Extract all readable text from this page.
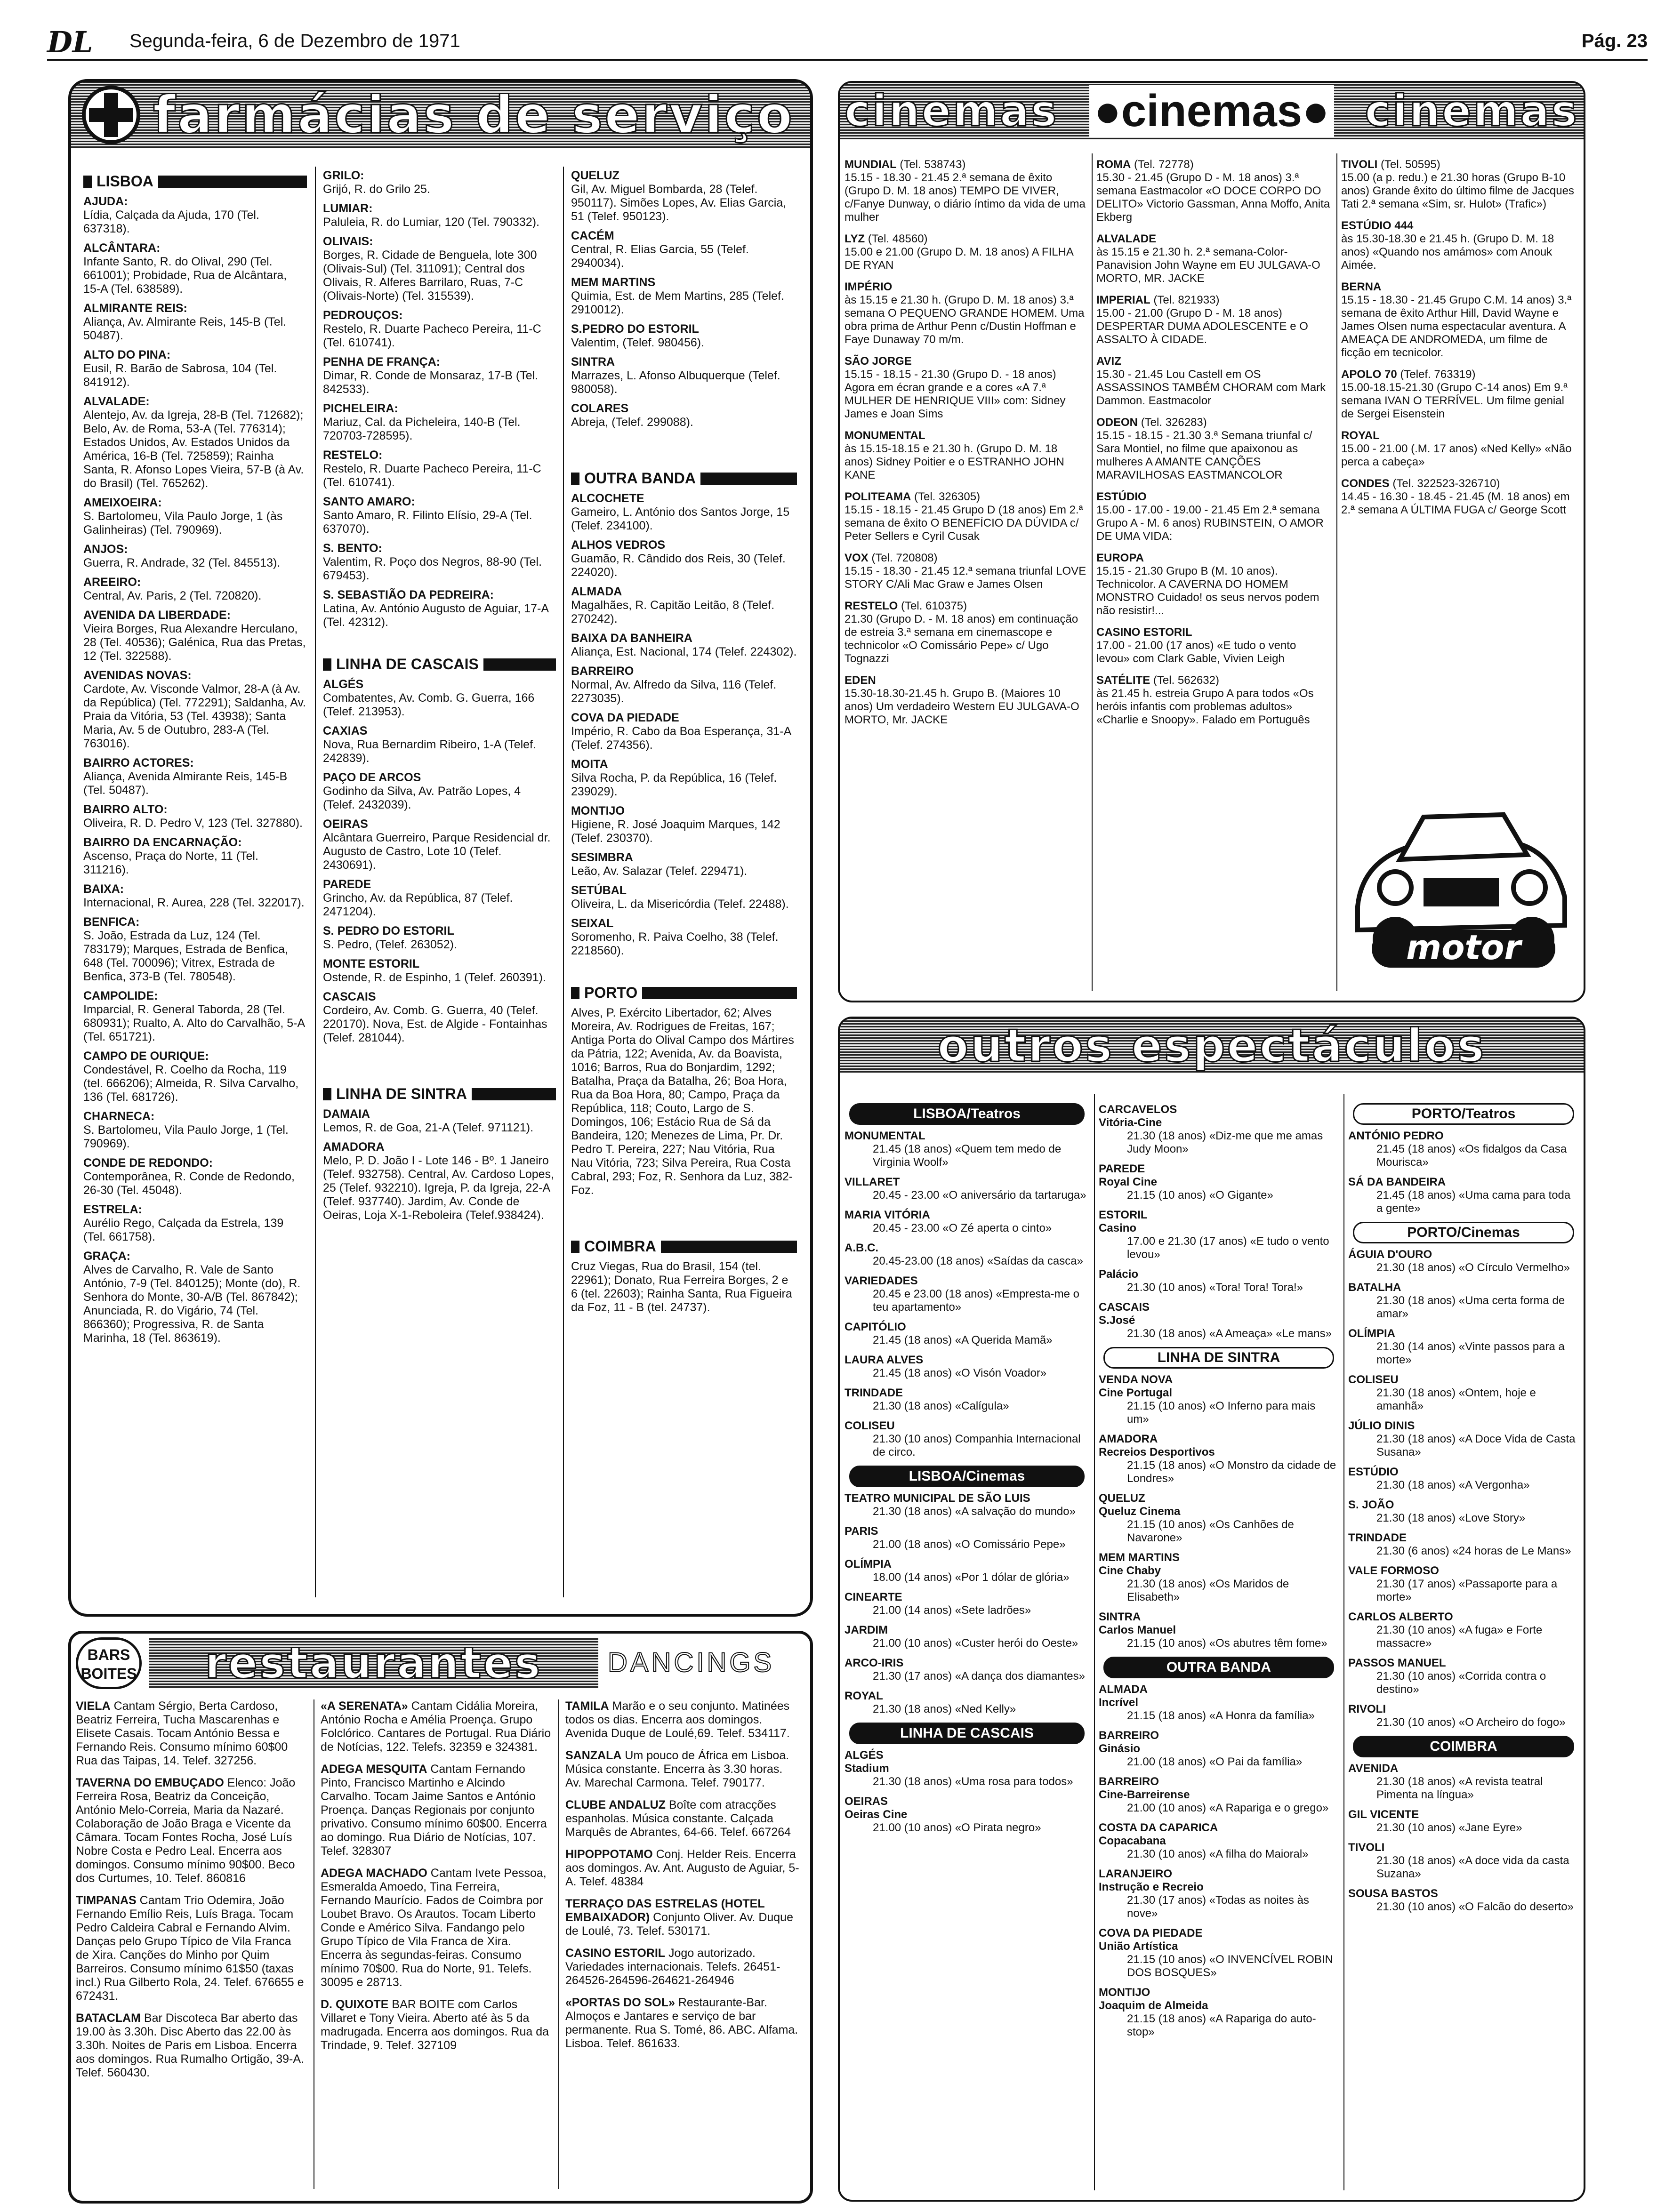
DL Segunda-feira, 6 de Dezembro de 1971	Pág. 23
farmácias de serviço
LISBOA
AJUDA:
Lídia, Calçada da Ajuda, 170 (Tel. 637318).
ALCÂNTARA:
Infante Santo, R. do Olival, 290 (Tel. 661001); Probidade, Rua de Alcântara, 15-A (Tel. 638589).
ALMIRANTE REIS:
Aliança, Av. Almirante Reis, 145-B (Tel. 50487).
ALTO DO PINA:
Eusil, R. Barão de Sabrosa, 104 (Tel. 841912).
ALVALADE:
Alentejo, Av. da Igreja, 28-B (Tel. 712682); Belo, Av. de Roma, 53-A (Tel. 776314); Estados Unidos, Av. Estados Unidos da América, 16-B (Tel. 725859); Rainha Santa, R. Afonso Lopes Vieira, 57-B (à Av. do Brasil) (Tel. 765262).
AMEIXOEIRA:
S. Bartolomeu, Vila Paulo Jorge, 1 (às Galinheiras) (Tel. 790969).
ANJOS:
Guerra, R. Andrade, 32 (Tel. 845513).
AREEIRO:
Central, Av. Paris, 2 (Tel. 720820).
AVENIDA DA LIBERDADE:
Vieira Borges, Rua Alexandre Herculano, 28 (Tel. 40536); Galénica, Rua das Pretas, 12 (Tel. 322588).
AVENIDAS NOVAS:
Cardote, Av. Visconde Valmor, 28-A (à Av. da República) (Tel. 772291); Saldanha, Av. Praia da Vitória, 53 (Tel. 43938); Santa Maria, Av. 5 de Outubro, 283-A (Tel. 763016).
BAIRRO ACTORES:
Aliança, Avenida Almirante Reis, 145-B (Tel. 50487).
BAIRRO ALTO:
Oliveira, R. D. Pedro V, 123 (Tel. 327880).
BAIRRO DA ENCARNAÇÃO:
Ascenso, Praça do Norte, 11 (Tel. 311216).
BAIXA:
Internacional, R. Aurea, 228 (Tel. 322017).
BENFICA:
S. João, Estrada da Luz, 124 (Tel. 783179); Marques, Estrada de Benfica, 648 (Tel. 700096); Vitrex, Estrada de Benfica, 373-B (Tel. 780548).
CAMPOLIDE:
Imparcial, R. General Taborda, 28 (Tel. 680931); Rualto, A. Alto do Carvalhão, 5-A (Tel. 651721).
CAMPO DE OURIQUE:
Condestável, R. Coelho da Rocha, 119 (tel. 666206); Almeida, R. Silva Carvalho, 136 (Tel. 681726).
CHARNECA:
S. Bartolomeu, Vila Paulo Jorge, 1 (Tel. 790969).
CONDE DE REDONDO:
Contemporânea, R. Conde de Redondo, 26-30 (Tel. 45048).
ESTRELA:
Aurélio Rego, Calçada da Estrela, 139 (Tel. 661758).
GRAÇA:
Alves de Carvalho, R. Vale de Santo António, 7-9 (Tel. 840125); Monte (do), R. Senhora do Monte, 30-A/B (Tel. 867842); Anunciada, R. do Vigário, 74 (Tel. 866360); Progressiva, R. de Santa Marinha, 18 (Tel. 863619).
GRILO:
Grijó, R. do Grilo 25.
LUMIAR:
Paluleia, R. do Lumiar, 120 (Tel. 790332).
OLIVAIS:
Borges, R. Cidade de Benguela, lote 300 (Olivais-Sul) (Tel. 311091); Central dos Olivais, R. Alferes Barrilaro, Ruas, 7-C (Olivais-Norte) (Tel. 315539).
PEDROUÇOS:
Restelo, R. Duarte Pacheco Pereira, 11-C (Tel. 610741).
PENHA DE FRANÇA:
Dimar, R. Conde de Monsaraz, 17-B (Tel. 842533).
PICHELEIRA:
Mariuz, Cal. da Picheleira, 140-B (Tel. 720703-728595).
RESTELO:
Restelo, R. Duarte Pacheco Pereira, 11-C (Tel. 610741).
SANTO AMARO:
Santo Amaro, R. Filinto Elísio, 29-A (Tel. 637070).
S. BENTO:
Valentim, R. Poço dos Negros, 88-90 (Tel. 679453).
S. SEBASTIÃO DA PEDREIRA:
Latina, Av. António Augusto de Aguiar, 17-A (Tel. 42312).
LINHA DE CASCAIS
ALGÉS
Combatentes, Av. Comb. G. Guerra, 166 (Telef. 213953).
CAXIAS
Nova, Rua Bernardim Ribeiro, 1-A (Telef. 242839).
PAÇO DE ARCOS
Godinho da Silva, Av. Patrão Lopes, 4 (Telef. 2432039).
OEIRAS
Alcântara Guerreiro, Parque Residencial dr. Augusto de Castro, Lote 10 (Telef. 2430691).
PAREDE
Grincho, Av. da República, 87 (Telef. 2471204).
S. PEDRO DO ESTORIL
S. Pedro, (Telef. 263052).
MONTE ESTORIL
Ostende, R. de Espinho, 1 (Telef. 260391).
CASCAIS
Cordeiro, Av. Comb. G. Guerra, 40 (Telef. 220170). Nova, Est. de Algide - Fontainhas (Telef. 281044).
LINHA DE SINTRA
DAMAIA
Lemos, R. de Goa, 21-A (Telef. 971121).
AMADORA
Melo, P. D. João I - Lote 146 - Bº. 1 Janeiro (Telef. 932758). Central, Av. Cardoso Lopes, 25 (Telef. 932210). Igreja, P. da Igreja, 22-A (Telef. 937740). Jardim, Av. Conde de Oeiras, Loja X-1-Reboleira (Telef.938424).
QUELUZ
Gil, Av. Miguel Bombarda, 28 (Telef. 950117). Simões Lopes, Av. Elias Garcia, 51 (Telef. 950123).
CACÉM
Central, R. Elias Garcia, 55 (Telef. 2940034).
MEM MARTINS
Quimia, Est. de Mem Martins, 285 (Telef. 2910012).
S.PEDRO DO ESTORIL
Valentim, (Telef. 980456).
SINTRA
Marrazes, L. Afonso Albuquerque (Telef. 980058).
COLARES
Abreja, (Telef. 299088).
OUTRA BANDA
ALCOCHETE
Gameiro, L. António dos Santos Jorge, 15 (Telef. 234100).
ALHOS VEDROS
Guamão, R. Cândido dos Reis, 30 (Telef. 224020).
ALMADA
Magalhães, R. Capitão Leitão, 8 (Telef. 270242).
BAIXA DA BANHEIRA
Aliança, Est. Nacional, 174 (Telef. 224302).
BARREIRO
Normal, Av. Alfredo da Silva, 116 (Telef. 2273035).
COVA DA PIEDADE
Império, R. Cabo da Boa Esperança, 31-A (Telef. 274356).
MOITA
Silva Rocha, P. da República, 16 (Telef. 239029).
MONTIJO
Higiene, R. José Joaquim Marques, 142 (Telef. 230370).
SESIMBRA
Leão, Av. Salazar (Telef. 229471).
SETÚBAL
Oliveira, L. da Misericórdia (Telef. 22488).
SEIXAL
Soromenho, R. Paiva Coelho, 38 (Telef. 2218560).
PORTO
Alves, P. Exército Libertador, 62; Alves Moreira, Av. Rodrigues de Freitas, 167; Antiga Porta do Olival Campo dos Mártires da Pátria, 122; Avenida, Av. da Boavista, 1016; Barros, Rua do Bonjardim, 1292; Batalha, Praça da Batalha, 26; Boa Hora, Rua da Boa Hora, 80; Campo, Praça da República, 118; Couto, Largo de S. Domingos, 106; Estácio Rua de Sá da Bandeira, 120; Menezes de Lima, Pr. Dr. Pedro T. Pereira, 227; Nau Vitória, Rua Nau Vitória, 723; Silva Pereira, Rua Costa Cabral, 293; Foz, R. Senhora da Luz, 382-Foz.
COIMBRA
Cruz Viegas, Rua do Brasil, 154 (tel. 22961); Donato, Rua Ferreira Borges, 2 e 6 (tel. 22603); Rainha Santa, Rua Figueira da Foz, 11 - B (tel. 24737).
cinemas ●cinemas● cinemas
MUNDIAL (Tel. 538743)
15.15 - 18.30 - 21.45 2.ª semana de êxito (Grupo D. M. 18 anos) TEMPO DE VIVER, c/Fanye Dunway, o diário íntimo da vida de uma mulher
LYZ (Tel. 48560)
15.00 e 21.00 (Grupo D. M. 18 anos) A FILHA DE RYAN
IMPÉRIO
às 15.15 e 21.30 h. (Grupo D. M. 18 anos) 3.ª semana O PEQUENO GRANDE HOMEM. Uma obra prima de Arthur Penn c/Dustin Hoffman e Faye Dunaway 70 m/m.
SÃO JORGE
15.15 - 18.15 - 21.30 (Grupo D. - 18 anos) Agora em écran grande e a cores «A 7.ª MULHER DE HENRIQUE VIII» com: Sidney James e Joan Sims
MONUMENTAL
às 15.15-18.15 e 21.30 h. (Grupo D. M. 18 anos) Sidney Poitier e o ESTRANHO JOHN KANE
POLITEAMA (Tel. 326305)
15.15 - 18.15 - 21.45 Grupo D (18 anos) Em 2.ª semana de êxito O BENEFÍCIO DA DÚVIDA c/ Peter Sellers e Cyril Cusak
VOX (Tel. 720808)
15.15 - 18.30 - 21.45 12.ª semana triunfal LOVE STORY C/Ali Mac Graw e James Olsen
RESTELO (Tel. 610375)
21.30 (Grupo D. - M. 18 anos) em continuação de estreia 3.ª semana em cinemascope e technicolor «O Comissário Pepe» c/ Ugo Tognazzi
EDEN
15.30-18.30-21.45 h. Grupo B. (Maiores 10 anos) Um verdadeiro Western EU JULGAVA-O MORTO, Mr. JACKE
ROMA (Tel. 72778)
15.30 - 21.45 (Grupo D - M. 18 anos) 3.ª semana Eastmacolor «O DOCE CORPO DO DELITO» Victorio Gassman, Anna Moffo, Anita Ekberg
ALVALADE
às 15.15 e 21.30 h. 2.ª semana-Color-Panavision John Wayne em EU JULGAVA-O MORTO, MR. JACKE
IMPERIAL (Tel. 821933)
15.00 - 21.00 (Grupo D - M. 18 anos) DESPERTAR DUMA ADOLESCENTE e O ASSALTO À CIDADE.
AVIZ
15.30 - 21.45 Lou Castell em OS ASSASSINOS TAMBÉM CHORAM com Mark Dammon. Eastmacolor
ODEON (Tel. 326283)
15.15 - 18.15 - 21.30 3.ª Semana triunfal c/ Sara Montiel, no filme que apaixonou as mulheres A AMANTE CANÇÕES MARAVILHOSAS EASTMANCOLOR
ESTÚDIO
15.00 - 17.00 - 19.00 - 21.45 Em 2.ª semana Grupo A - M. 6 anos) RUBINSTEIN, O AMOR DE UMA VIDA:
EUROPA
15.15 - 21.30 Grupo B (M. 10 anos). Technicolor. A CAVERNA DO HOMEM MONSTRO Cuidado! os seus nervos podem não resistir!...
CASINO ESTORIL
17.00 - 21.00 (17 anos) «E tudo o vento levou» com Clark Gable, Vivien Leigh
SATÉLITE (Tel. 562632)
às 21.45 h. estreia Grupo A para todos «Os heróis infantis com problemas adultos» «Charlie e Snoopy». Falado em Português
TIVOLI (Tel. 50595)
15.00 (a p. redu.) e 21.30 horas (Grupo B-10 anos) Grande êxito do último filme de Jacques Tati 2.ª semana «Sim, sr. Hulot» (Trafic»)
ESTÚDIO 444
às 15.30-18.30 e 21.45 h. (Grupo D. M. 18 anos) «Quando nos amámos» com Anouk Aimée.
BERNA
15.15 - 18.30 - 21.45 Grupo C.M. 14 anos) 3.ª semana de êxito Arthur Hill, David Wayne e James Olsen numa espectacular aventura. A AMEAÇA DE ANDROMEDA, um filme de ficção em tecnicolor.
APOLO 70 (Telef. 763319)
15.00-18.15-21.30 (Grupo C-14 anos) Em 9.ª semana IVAN O TERRÍVEL. Um filme genial de Sergei Eisenstein
ROYAL
15.00 - 21.00 (.M. 17 anos) «Ned Kelly» «Não perca a cabeça»
CONDES (Tel. 322523-326710)
14.45 - 16.30 - 18.45 - 21.45 (M. 18 anos) em 2.ª semana A ÚLTIMA FUGA c/ George Scott
motor
outros espectáculos
LISBOA/Teatros
MONUMENTAL
21.45 (18 anos) «Quem tem medo de Virginia Woolf»
VILLARET
20.45 - 23.00 «O aniversário da tartaruga»
MARIA VITÓRIA
20.45 - 23.00 «O Zé aperta o cinto»
A.B.C.
20.45-23.00 (18 anos) «Saídas da casca»
VARIEDADES
20.45 e 23.00 (18 anos) «Empresta-me o teu apartamento»
CAPITÓLIO
21.45 (18 anos) «A Querida Mamã»
LAURA ALVES
21.45 (18 anos) «O Visón Voador»
TRINDADE
21.30 (18 anos) «Calígula»
COLISEU
21.30 (10 anos) Companhia Internacional de circo.
LISBOA/Cinemas
TEATRO MUNICIPAL DE SÃO LUIS
21.30 (18 anos) «A salvação do mundo»
PARIS
21.00 (18 anos) «O Comissário Pepe»
OLÍMPIA
18.00 (14 anos) «Por 1 dólar de glória»
CINEARTE
21.00 (14 anos) «Sete ladrões»
JARDIM
21.00 (10 anos) «Custer herói do Oeste»
ARCO-IRIS
21.30 (17 anos) «A dança dos diamantes»
ROYAL
21.30 (18 anos) «Ned Kelly»
LINHA DE CASCAIS
ALGÉS
Stadium
21.30 (18 anos) «Uma rosa para todos»
OEIRAS
Oeiras Cine
21.00 (10 anos) «O Pirata negro»
CARCAVELOS
Vitória-Cine
21.30 (18 anos) «Diz-me que me amas Judy Moon»
PAREDE
Royal Cine
21.15 (10 anos) «O Gigante»
ESTORIL
Casino
17.00 e 21.30 (17 anos) «E tudo o vento levou»
Palácio
21.30 (10 anos) «Tora! Tora! Tora!»
CASCAIS
S.José
21.30 (18 anos) «A Ameaça» «Le mans»
LINHA DE SINTRA
VENDA NOVA
Cine Portugal
21.15 (10 anos) «O Inferno para mais um»
AMADORA
Recreios Desportivos
21.15 (18 anos) «O Monstro da cidade de Londres»
QUELUZ
Queluz Cinema
21.15 (10 anos) «Os Canhões de Navarone»
MEM MARTINS
Cine Chaby
21.30 (18 anos) «Os Maridos de Elisabeth»
SINTRA
Carlos Manuel
21.15 (10 anos) «Os abutres têm fome»
OUTRA BANDA
ALMADA
Incrível
21.15 (18 anos) «A Honra da família»
BARREIRO
Ginásio
21.00 (18 anos) «O Pai da família»
BARREIRO
Cine-Barreirense
21.00 (10 anos) «A Rapariga e o grego»
COSTA DA CAPARICA
Copacabana
21.30 (10 anos) «A filha do Maioral»
LARANJEIRO
Instrução e Recreio
21.30 (17 anos) «Todas as noites às nove»
COVA DA PIEDADE
União Artística
21.15 (10 anos) «O INVENCÍVEL ROBIN DOS BOSQUES»
MONTIJO
Joaquim de Almeida
21.15 (18 anos) «A Rapariga do auto-stop»
PORTO/Teatros
ANTÓNIO PEDRO
21.45 (18 anos) «Os fidalgos da Casa Mourisca»
SÁ DA BANDEIRA
21.45 (18 anos) «Uma cama para toda a gente»
PORTO/Cinemas
ÁGUIA D'OURO
21.30 (18 anos) «O Círculo Vermelho»
BATALHA
21.30 (18 anos) «Uma certa forma de amar»
OLÍMPIA
21.30 (14 anos) «Vinte passos para a morte»
COLISEU
21.30 (18 anos) «Ontem, hoje e amanhã»
JÚLIO DINIS
21.30 (18 anos) «A Doce Vida de Casta Susana»
ESTÚDIO
21.30 (18 anos) «A Vergonha»
S. JOÃO
21.30 (18 anos) «Love Story»
TRINDADE
21.30 (6 anos) «24 horas de Le Mans»
VALE FORMOSO
21.30 (17 anos) «Passaporte para a morte»
CARLOS ALBERTO
21.30 (10 anos) «A fuga» e Forte massacre»
PASSOS MANUEL
21.30 (10 anos) «Corrida contra o destino»
RIVOLI
21.30 (10 anos) «O Archeiro do fogo»
COIMBRA
AVENIDA
21.30 (18 anos) «A revista teatral Pimenta na língua»
GIL VICENTE
21.30 (10 anos) «Jane Eyre»
TIVOLI
21.30 (18 anos) «A doce vida da casta Suzana»
SOUSA BASTOS
21.30 (10 anos) «O Falcão do deserto»
BARS
BOITES restaurantes DANCINGS
VIELA Cantam Sérgio, Berta Cardoso, Beatriz Ferreira, Tucha Mascarenhas e Elisete Casais. Tocam António Bessa e Fernando Reis. Consumo mínimo 60$00 Rua das Taipas, 14. Telef. 327256.
TAVERNA DO EMBUÇADO Elenco: João Ferreira Rosa, Beatriz da Conceição, António Melo-Correia, Maria da Nazaré. Colaboração de João Braga e Vicente da Câmara. Tocam Fontes Rocha, José Luís Nobre Costa e Pedro Leal. Encerra aos domingos. Consumo mínimo 90$00. Beco dos Curtumes, 10. Telef. 860816
TIMPANAS Cantam Trio Odemira, João Fernando Emílio Reis, Luís Braga. Tocam Pedro Caldeira Cabral e Fernando Alvim. Danças pelo Grupo Típico de Vila Franca de Xira. Canções do Minho por Quim Barreiros. Consumo mínimo 61$50 (taxas incl.) Rua Gilberto Rola, 24. Telef. 676655 e 672431.
BATACLAM Bar Discoteca Bar aberto das 19.00 às 3.30h. Disc Aberto das 22.00 às 3.30h. Noites de Paris em Lisboa. Encerra aos domingos. Rua Rumalho Ortigão, 39-A. Telef. 560430.
«A SERENATA» Cantam Cidália Moreira, António Rocha e Amélia Proença. Grupo Folclórico. Cantares de Portugal. Rua Diário de Notícias, 122. Telefs. 32359 e 324381.
ADEGA MESQUITA Cantam Fernando Pinto, Francisco Martinho e Alcindo Carvalho. Tocam Jaime Santos e António Proença. Danças Regionais por conjunto privativo. Consumo mínimo 60$00. Encerra ao domingo. Rua Diário de Notícias, 107. Telef. 328307
ADEGA MACHADO Cantam Ivete Pessoa, Esmeralda Amoedo, Tina Ferreira, Fernando Maurício. Fados de Coimbra por Loubet Bravo. Os Arautos. Tocam Liberto Conde e Américo Silva. Fandango pelo Grupo Típico de Vila Franca de Xira. Encerra às segundas-feiras. Consumo mínimo 70$00. Rua do Norte, 91. Telefs. 30095 e 28713.
D. QUIXOTE BAR BOITE com Carlos Villaret e Tony Vieira. Aberto até às 5 da madrugada. Encerra aos domingos. Rua da Trindade, 9. Telef. 327109
TAMILA Marão e o seu conjunto. Matinées todos os dias. Encerra aos domingos. Avenida Duque de Loulé,69. Telef. 534117.
SANZALA Um pouco de África em Lisboa. Música constante. Encerra às 3.30 horas. Av. Marechal Carmona. Telef. 790177.
CLUBE ANDALUZ Boîte com atracções espanholas. Música constante. Calçada Marquês de Abrantes, 64-66. Telef. 667264
HIPOPPOTAMO Conj. Helder Reis. Encerra aos domingos. Av. Ant. Augusto de Aguiar, 5-A. Telef. 48384
TERRAÇO DAS ESTRELAS (HOTEL EMBAIXADOR) Conjunto Oliver. Av. Duque de Loulé, 73. Telef. 530171.
CASINO ESTORIL Jogo autorizado. Variedades internacionais. Telefs. 26451-264526-264596-264621-264946
«PORTAS DO SOL» Restaurante-Bar. Almoços e Jantares e serviço de bar permanente. Rua S. Tomé, 86. ABC. Alfama. Lisboa. Telef. 861633.
